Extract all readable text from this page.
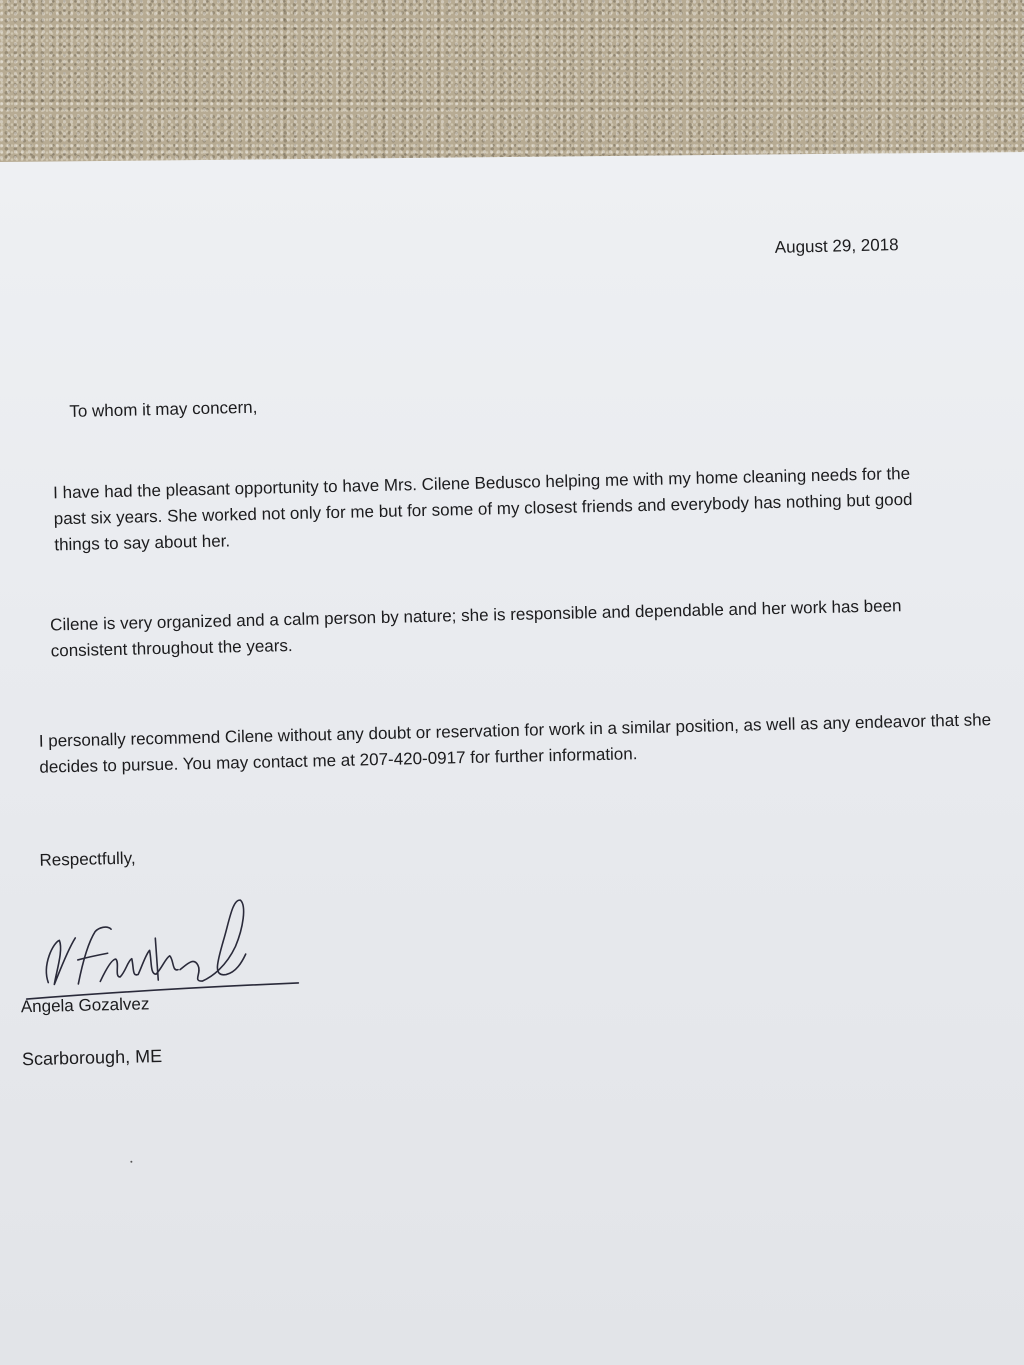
August 29, 2018
To whom it may concern,

I have had the pleasant opportunity to have Mrs. Cilene Bedusco helping me with my home cleaning needs for the past six years. She worked not only for me but for some of my closest friends and everybody has nothing but good things to say about her.

Cilene is very organized and a calm person by nature; she is responsible and dependable and her work has been consistent throughout the years.

I personally recommend Cilene without any doubt or reservation for work in a similar position, as well as any endeavor that she decides to pursue. You may contact me at 207-420-0917 for further information.

Respectfully,
Angela Gozalvez
Scarborough, ME
